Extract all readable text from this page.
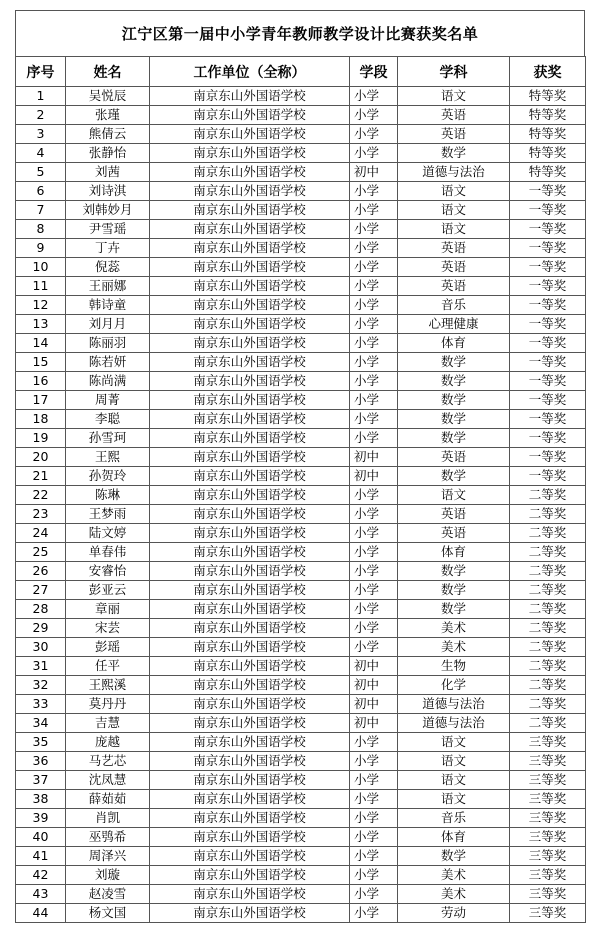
江宁区第一届中小学青年教师教学设计比赛获奖名单
序号	姓名	工作单位（全称）	学段	学科	获奖
1	吴悦辰	南京东山外国语学校	小学	语文	特等奖
2	张瑾	南京东山外国语学校	小学	英语	特等奖
3	熊倩云	南京东山外国语学校	小学	英语	特等奖
4	张静怡	南京东山外国语学校	小学	数学	特等奖
5	刘茜	南京东山外国语学校	初中	道德与法治	特等奖
6	刘诗淇	南京东山外国语学校	小学	语文	一等奖
7	刘韩妙月	南京东山外国语学校	小学	语文	一等奖
8	尹雪瑶	南京东山外国语学校	小学	语文	一等奖
9	丁卉	南京东山外国语学校	小学	英语	一等奖
10	倪蕊	南京东山外国语学校	小学	英语	一等奖
11	王丽娜	南京东山外国语学校	小学	英语	一等奖
12	韩诗童	南京东山外国语学校	小学	音乐	一等奖
13	刘月月	南京东山外国语学校	小学	心理健康	一等奖
14	陈丽羽	南京东山外国语学校	小学	体育	一等奖
15	陈若妍	南京东山外国语学校	小学	数学	一等奖
16	陈尚满	南京东山外国语学校	小学	数学	一等奖
17	周菁	南京东山外国语学校	小学	数学	一等奖
18	李聪	南京东山外国语学校	小学	数学	一等奖
19	孙雪珂	南京东山外国语学校	小学	数学	一等奖
20	王熙	南京东山外国语学校	初中	英语	一等奖
21	孙贺玲	南京东山外国语学校	初中	数学	一等奖
22	陈琳	南京东山外国语学校	小学	语文	二等奖
23	王梦雨	南京东山外国语学校	小学	英语	二等奖
24	陆文婷	南京东山外国语学校	小学	英语	二等奖
25	单春伟	南京东山外国语学校	小学	体育	二等奖
26	安睿怡	南京东山外国语学校	小学	数学	二等奖
27	彭亚云	南京东山外国语学校	小学	数学	二等奖
28	章丽	南京东山外国语学校	小学	数学	二等奖
29	宋芸	南京东山外国语学校	小学	美术	二等奖
30	彭瑶	南京东山外国语学校	小学	美术	二等奖
31	任平	南京东山外国语学校	初中	生物	二等奖
32	王熙溪	南京东山外国语学校	初中	化学	二等奖
33	莫丹丹	南京东山外国语学校	初中	道德与法治	二等奖
34	吉慧	南京东山外国语学校	初中	道德与法治	二等奖
35	庞越	南京东山外国语学校	小学	语文	三等奖
36	马艺芯	南京东山外国语学校	小学	语文	三等奖
37	沈凤慧	南京东山外国语学校	小学	语文	三等奖
38	薛茹茹	南京东山外国语学校	小学	语文	三等奖
39	肖凯	南京东山外国语学校	小学	音乐	三等奖
40	巫鸮希	南京东山外国语学校	小学	体育	三等奖
41	周泽兴	南京东山外国语学校	小学	数学	三等奖
42	刘璇	南京东山外国语学校	小学	美术	三等奖
43	赵凌雪	南京东山外国语学校	小学	美术	三等奖
44	杨文国	南京东山外国语学校	小学	劳动	三等奖
